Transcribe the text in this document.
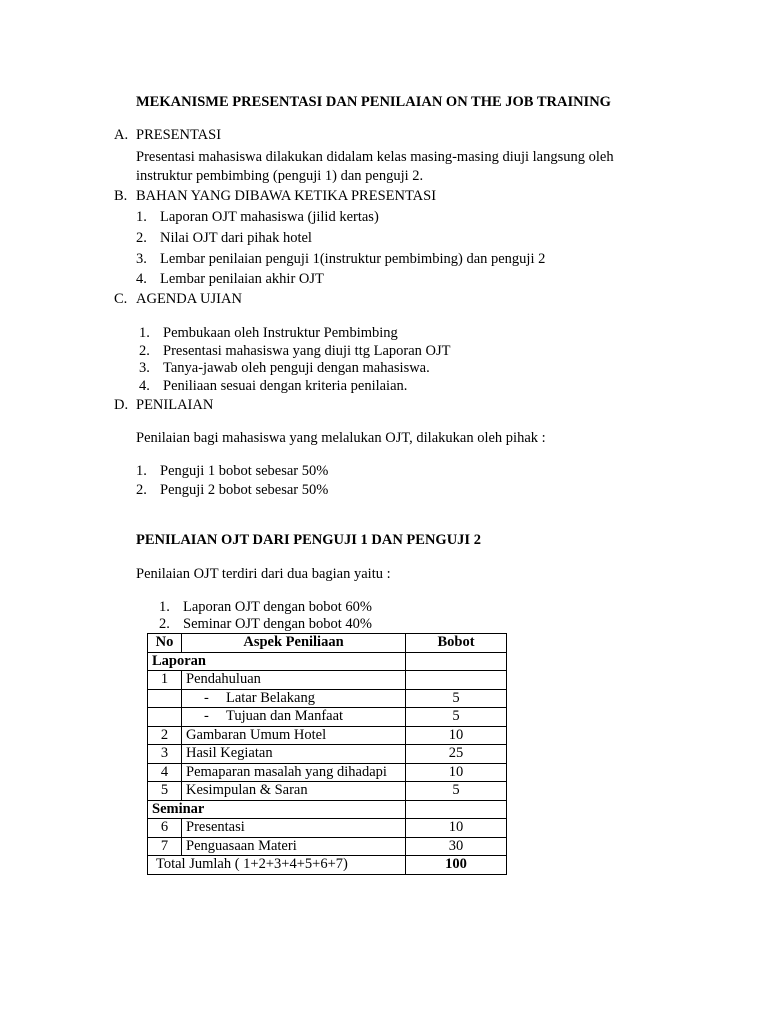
MEKANISME PRESENTASI DAN PENILAIAN ON THE JOB TRAINING
A. PRESENTASI
Presentasi mahasiswa dilakukan didalam kelas masing-masing diuji langsung oleh
instruktur pembimbing (penguji 1) dan penguji 2.
B. BAHAN YANG DIBAWA KETIKA PRESENTASI
1. Laporan OJT mahasiswa (jilid kertas)
2. Nilai OJT dari pihak hotel
3. Lembar penilaian penguji 1(instruktur pembimbing) dan penguji 2
4. Lembar penilaian akhir OJT
C. AGENDA UJIAN
1. Pembukaan oleh Instruktur Pembimbing
2. Presentasi mahasiswa yang diuji ttg Laporan OJT
3. Tanya-jawab oleh penguji dengan mahasiswa.
4. Peniliaan sesuai dengan kriteria penilaian.
D. PENILAIAN
Penilaian bagi mahasiswa yang melalukan OJT, dilakukan oleh pihak :
1. Penguji 1 bobot sebesar 50%
2. Penguji 2 bobot sebesar 50%
PENILAIAN OJT DARI PENGUJI 1 DAN PENGUJI 2
Penilaian OJT terdiri dari dua bagian yaitu :
1. Laporan OJT dengan bobot 60%
2. Seminar OJT dengan bobot 40%
No	Aspek Peniliaan	Bobot
Laporan		
1	Pendahuluan	
	- Latar Belakang	5
	- Tujuan dan Manfaat	5
2	Gambaran Umum Hotel	10
3	Hasil Kegiatan	25
4	Pemaparan masalah yang dihadapi	10
5	Kesimpulan & Saran	5
Seminar		
6	Presentasi	10
7	Penguasaan Materi	30
Total Jumlah ( 1+2+3+4+5+6+7)		100
